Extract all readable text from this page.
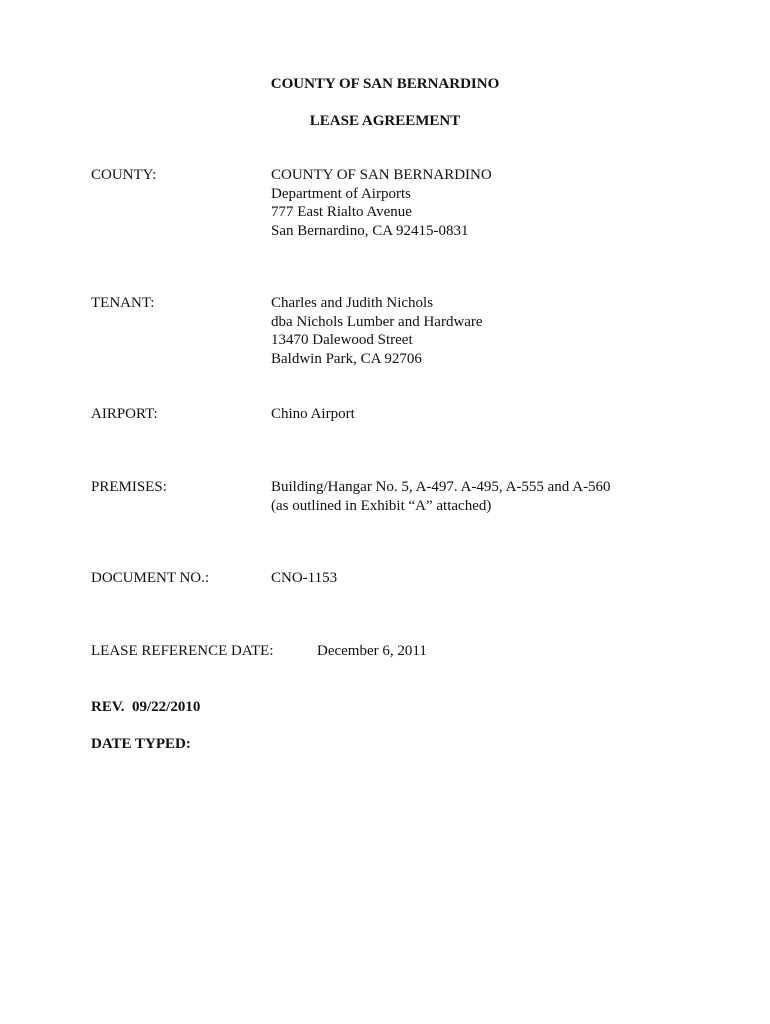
COUNTY OF SAN BERNARDINO
LEASE AGREEMENT
COUNTY:	COUNTY OF SAN BERNARDINO
Department of Airports
777 East Rialto Avenue
San Bernardino, CA 92415-0831
TENANT:	Charles and Judith Nichols
dba Nichols Lumber and Hardware
13470 Dalewood Street
Baldwin Park, CA 92706
AIRPORT:	Chino Airport
PREMISES:	Building/Hangar No. 5, A-497. A-495, A-555 and A-560
(as outlined in Exhibit “A” attached)
DOCUMENT NO.:	CNO-1153
LEASE REFERENCE DATE:	December 6, 2011
REV.  09/22/2010
DATE TYPED:
